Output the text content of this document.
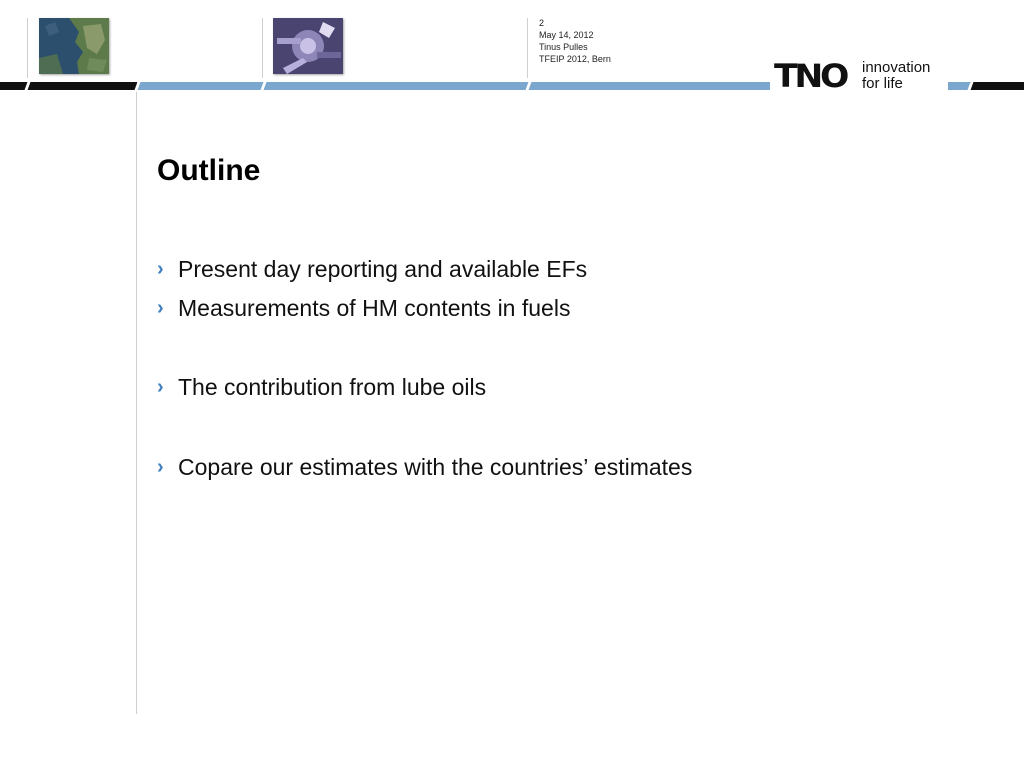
2
May 14, 2012
Tinus Pulles
TFEIP 2012, Bern	TNO innovation
for life
Outline
› Present day reporting and available EFs
› Measurements of HM contents in fuels
› The contribution from lube oils
› Copare our estimates with the countries’ estimates
